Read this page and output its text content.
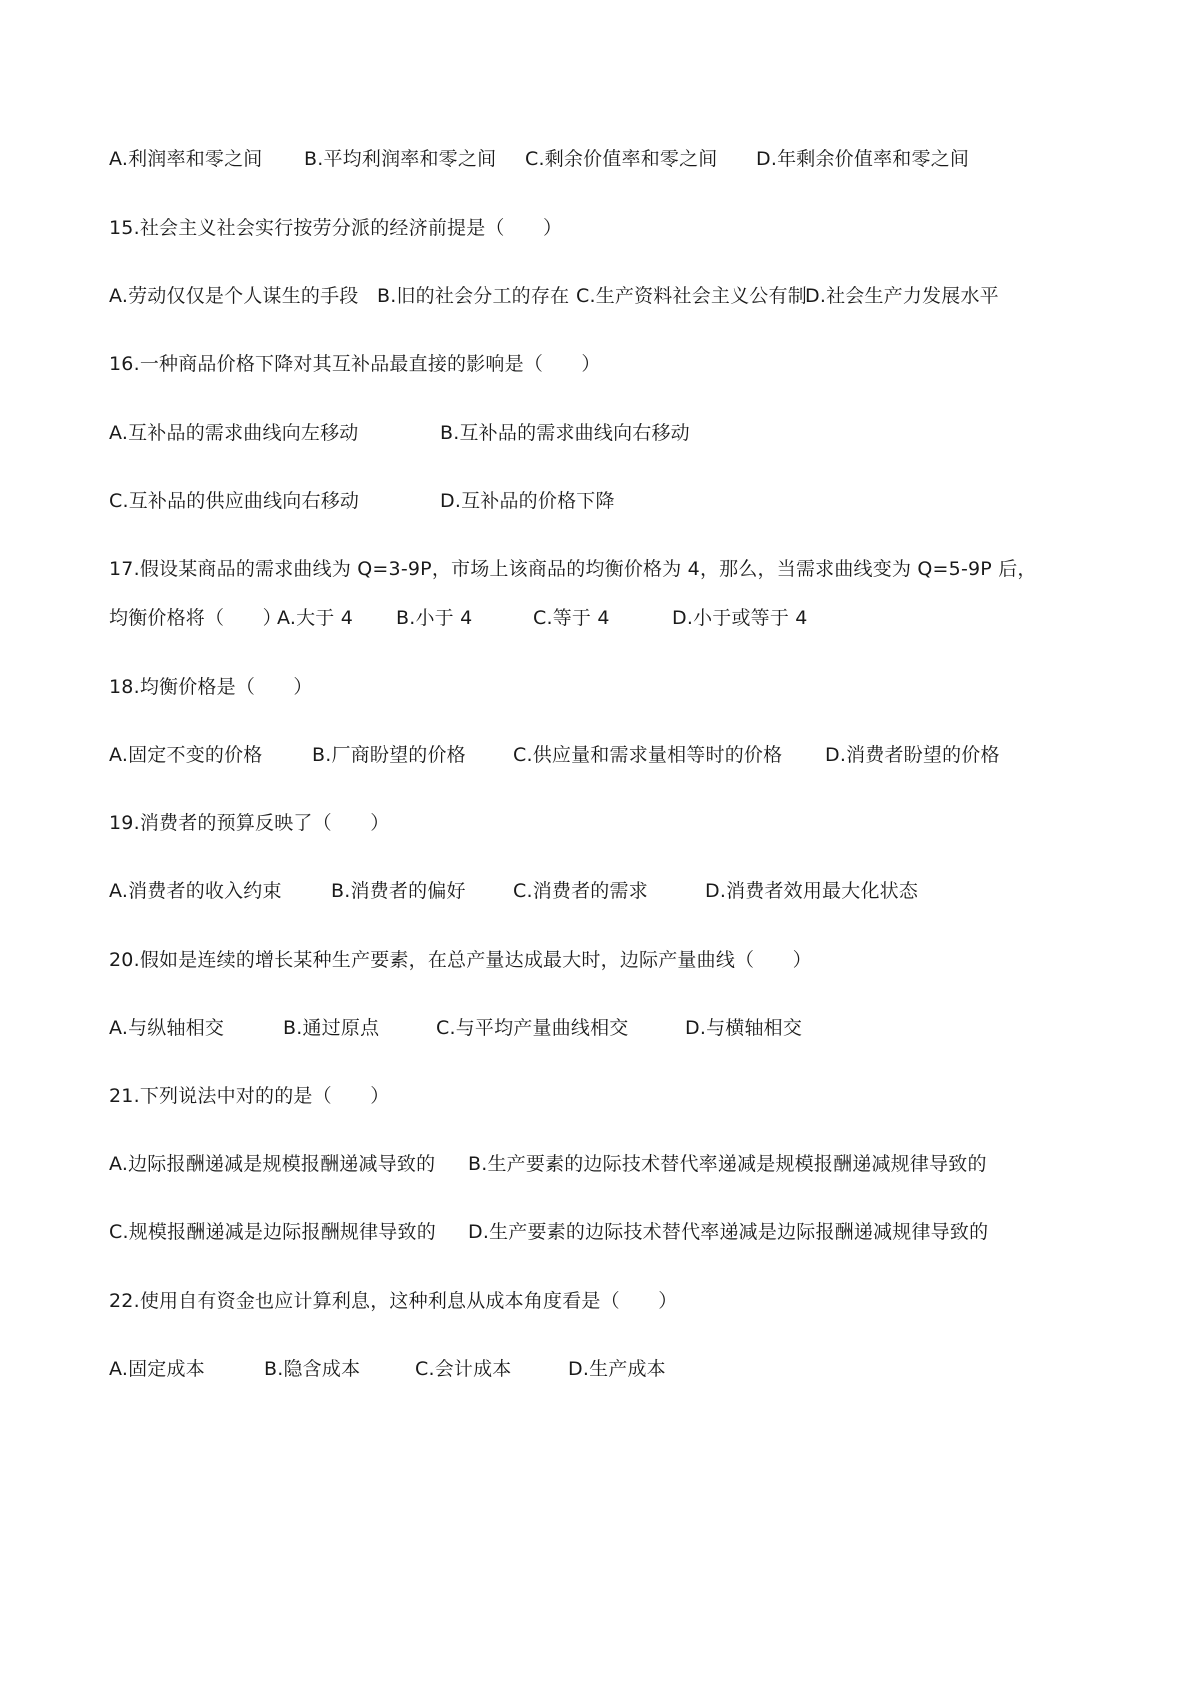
A.利润率和零之间 B.平均利润率和零之间 C.剩余价值率和零之间 D.年剩余价值率和零之间
15.社会主义社会实行按劳分派的经济前提是（　　）
A.劳动仅仅是个人谋生的手段 B.旧的社会分工的存在 C.生产资料社会主义公有制
D.社会生产力发展水平
16.一种商品价格下降对其互补品最直接的影响是（　　）
A.互补品的需求曲线向左移动	B.互补品的需求曲线向右移动
C.互补品的供应曲线向右移动	D.互补品的价格下降
17.假设某商品的需求曲线为 Q=3-9P，市场上该商品的均衡价格为 4，那么，当需求曲线变为 Q=5-9P 后，
均衡价格将（　　）
A.大于 4 B.小于 4	C.等于 4	D.小于或等于 4
18.均衡价格是（　　）
A.固定不变的价格	B.厂商盼望的价格 C.供应量和需求量相等时的价格 D.消费者盼望的价格
19.消费者的预算反映了（　　）
A.消费者的收入约束	B.消费者的偏好 C.消费者的需求	D.消费者效用最大化状态
20.假如是连续的增长某种生产要素，在总产量达成最大时，边际产量曲线（　　）
A.与纵轴相交	B.通过原点	C.与平均产量曲线相交	D.与横轴相交
21.下列说法中对的的是（　　）
A.边际报酬递减是规模报酬递减导致的 B.生产要素的边际技术替代率递减是规模报酬递减规律导致的
C.规模报酬递减是边际报酬规律导致的 D.生产要素的边际技术替代率递减是边际报酬递减规律导致的
22.使用自有资金也应计算利息，这种利息从成本角度看是（　　）
A.固定成本	B.隐含成本	C.会计成本	D.生产成本
